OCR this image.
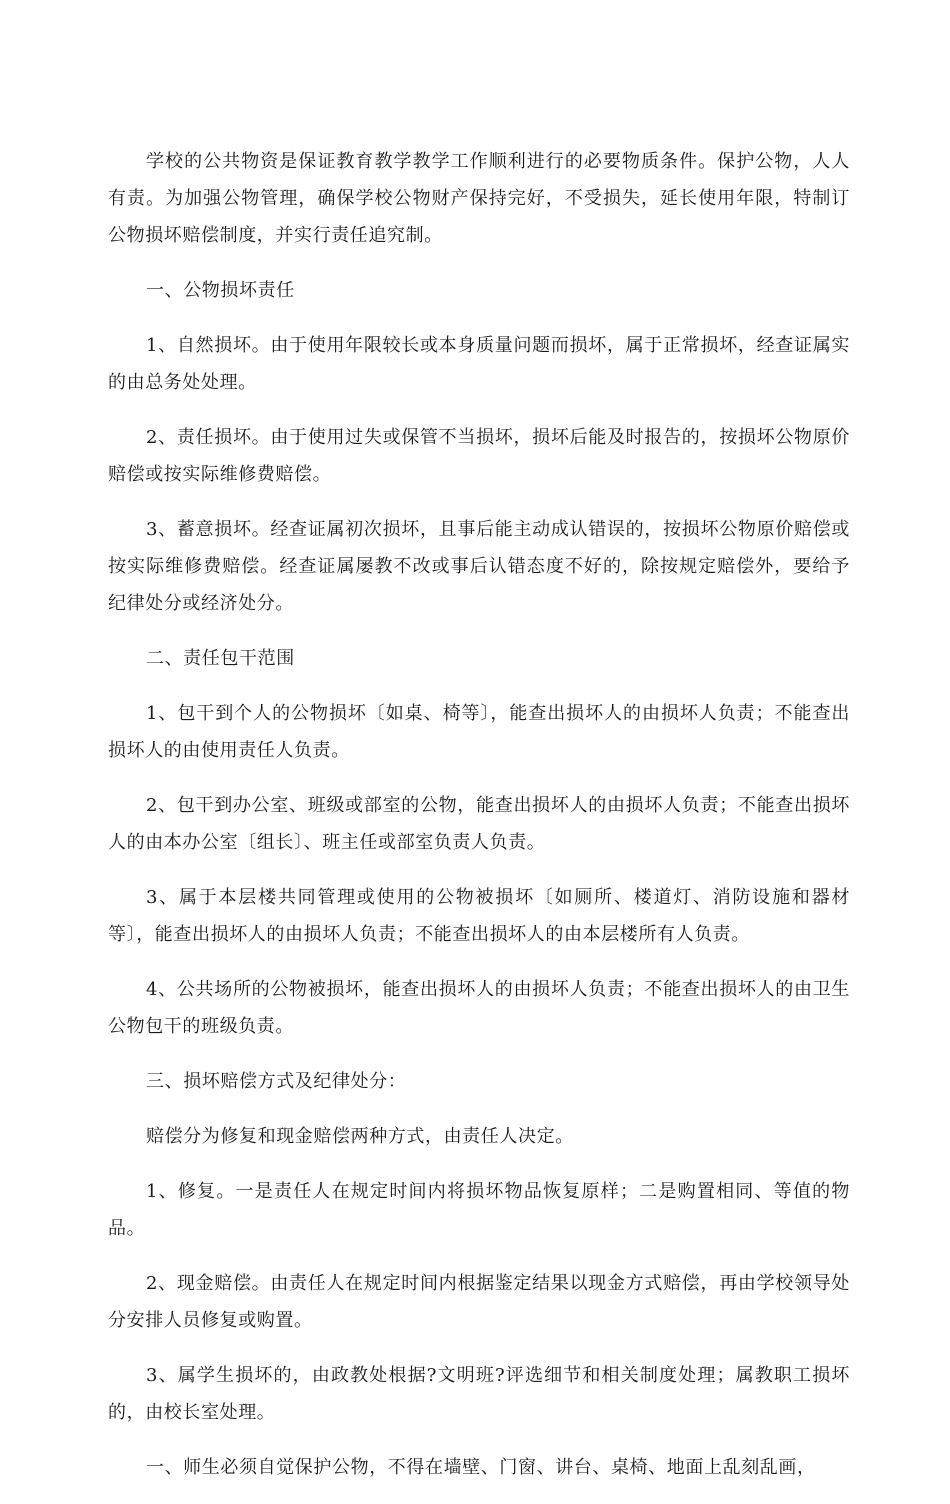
学校的公共物资是保证教育教学教学工作顺利进行的必要物质条件。保护公物，人人有责。为加强公物管理，确保学校公物财产保持完好，不受损失，延长使用年限，特制订公物损坏赔偿制度，并实行责任追究制。

一、公物损坏责任

1、自然损坏。由于使用年限较长或本身质量问题而损坏，属于正常损坏，经查证属实的由总务处处理。

2、责任损坏。由于使用过失或保管不当损坏，损坏后能及时报告的，按损坏公物原价赔偿或按实际维修费赔偿。

3、蓄意损坏。经查证属初次损坏，且事后能主动成认错误的，按损坏公物原价赔偿或按实际维修费赔偿。经查证属屡教不改或事后认错态度不好的，除按规定赔偿外，要给予纪律处分或经济处分。

二、责任包干范围

1、包干到个人的公物损坏〔如桌、椅等〕，能查出损坏人的由损坏人负责；不能查出损坏人的由使用责任人负责。

2、包干到办公室、班级或部室的公物，能查出损坏人的由损坏人负责；不能查出损坏人的由本办公室〔组长〕、班主任或部室负责人负责。

3、属于本层楼共同管理或使用的公物被损坏〔如厕所、楼道灯、消防设施和器材等〕，能查出损坏人的由损坏人负责；不能查出损坏人的由本层楼所有人负责。

4、公共场所的公物被损坏，能查出损坏人的由损坏人负责；不能查出损坏人的由卫生公物包干的班级负责。

三、损坏赔偿方式及纪律处分：

赔偿分为修复和现金赔偿两种方式，由责任人决定。

1、修复。一是责任人在规定时间内将损坏物品恢复原样；二是购置相同、等值的物品。

2、现金赔偿。由责任人在规定时间内根据鉴定结果以现金方式赔偿，再由学校领导处分安排人员修复或购置。

3、属学生损坏的，由政教处根据?文明班?评选细节和相关制度处理；属教职工损坏的，由校长室处理。

一、师生必须自觉保护公物，不得在墙壁、门窗、讲台、桌椅、地面上乱刻乱画，
